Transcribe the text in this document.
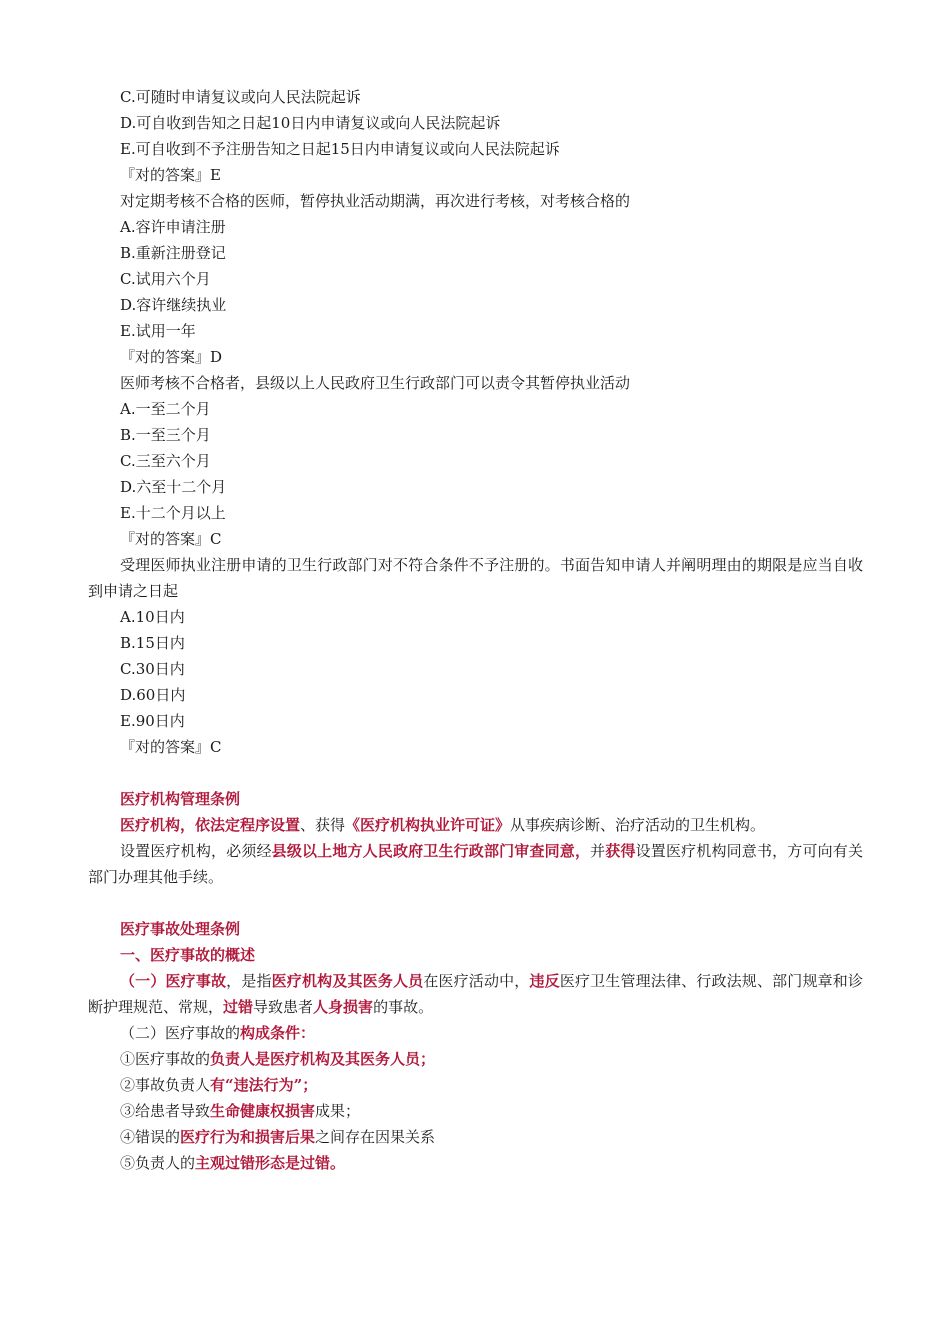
C.可随时申请复议或向人民法院起诉
D.可自收到告知之日起10日内申请复议或向人民法院起诉
E.可自收到不予注册告知之日起15日内申请复议或向人民法院起诉
『对的答案』E
对定期考核不合格的医师，暂停执业活动期满，再次进行考核，对考核合格的
A.容许申请注册
B.重新注册登记
C.试用六个月
D.容许继续执业
E.试用一年
『对的答案』D
医师考核不合格者，县级以上人民政府卫生行政部门可以责令其暂停执业活动
A.一至二个月
B.一至三个月
C.三至六个月
D.六至十二个月
E.十二个月以上
『对的答案』C
受理医师执业注册申请的卫生行政部门对不符合条件不予注册的。书面告知申请人并阐明理由的期限是应当自收到申请之日起
A.10日内
B.15日内
C.30日内
D.60日内
E.90日内
『对的答案』C
医疗机构管理条例
医疗机构，依法定程序设置、获得《医疗机构执业许可证》从事疾病诊断、治疗活动的卫生机构。
设置医疗机构，必须经县级以上地方人民政府卫生行政部门审查同意，并获得设置医疗机构同意书，方可向有关部门办理其他手续。
医疗事故处理条例
一、医疗事故的概述
（一）医疗事故，是指医疗机构及其医务人员在医疗活动中，违反医疗卫生管理法律、行政法规、部门规章和诊断护理规范、常规，过错导致患者人身损害的事故。
（二）医疗事故的构成条件：
①医疗事故的负责人是医疗机构及其医务人员；
②事故负责人有“违法行为”；
③给患者导致生命健康权损害成果；
④错误的医疗行为和损害后果之间存在因果关系
⑤负责人的主观过错形态是过错。
